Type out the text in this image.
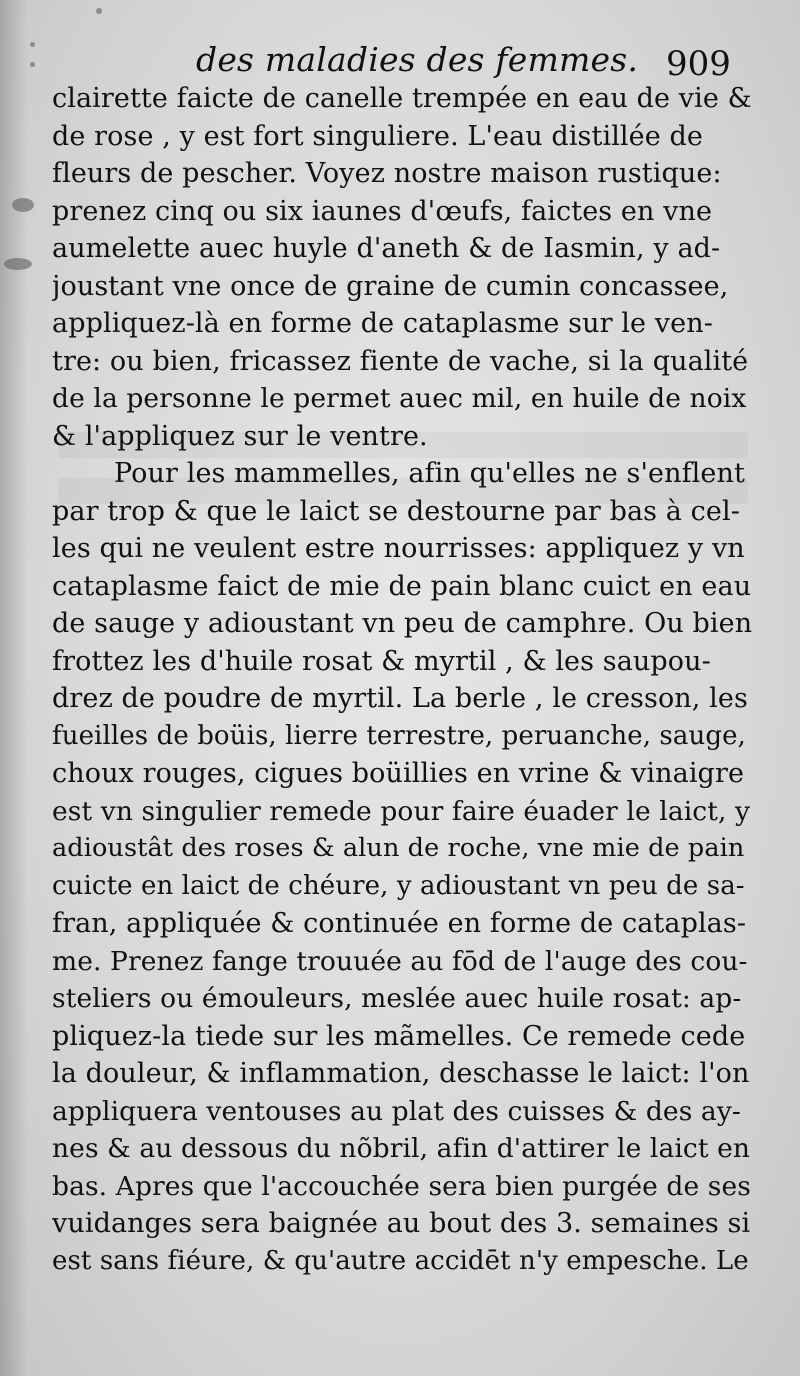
des maladies des femmes. 909
clairette faicte de canelle trempée en eau de vie &
de rose , y est fort singuliere. L'eau distillée de
fleurs de pescher. Voyez nostre maison rustique:
prenez cinq ou six iaunes d'œufs, faictes en vne
aumelette auec huyle d'aneth & de Iasmin, y ad-
joustant vne once de graine de cumin concassee,
appliquez-là en forme de cataplasme sur le ven-
tre: ou bien, fricassez fiente de vache, si la qualité
de la personne le permet auec mil, en huile de noix
& l'appliquez sur le ventre.
Pour les mammelles, afin qu'elles ne s'enflent
par trop & que le laict se destourne par bas à cel-
les qui ne veulent estre nourrisses: appliquez y vn
cataplasme faict de mie de pain blanc cuict en eau
de sauge y adioustant vn peu de camphre. Ou bien
frottez les d'huile rosat & myrtil , & les saupou-
drez de poudre de myrtil. La berle , le cresson, les
fueilles de boüis, lierre terrestre, peruanche, sauge,
choux rouges, cigues boüillies en vrine & vinaigre
est vn singulier remede pour faire éuader le laict, y
adioustât des roses & alun de roche, vne mie de pain
cuicte en laict de chéure, y adioustant vn peu de sa-
fran, appliquée & continuée en forme de cataplas-
me. Prenez fange trouuée au fōd de l'auge des cou-
steliers ou émouleurs, meslée auec huile rosat: ap-
pliquez-la tiede sur les mãmelles. Ce remede cede
la douleur, & inflammation, deschasse le laict: l'on
appliquera ventouses au plat des cuisses & des ay-
nes & au dessous du nõbril, afin d'attirer le laict en
bas. Apres que l'accouchée sera bien purgée de ses
vuidanges sera baignée au bout des 3. semaines si
est sans fiéure, & qu'autre accidēt n'y empesche. Le
